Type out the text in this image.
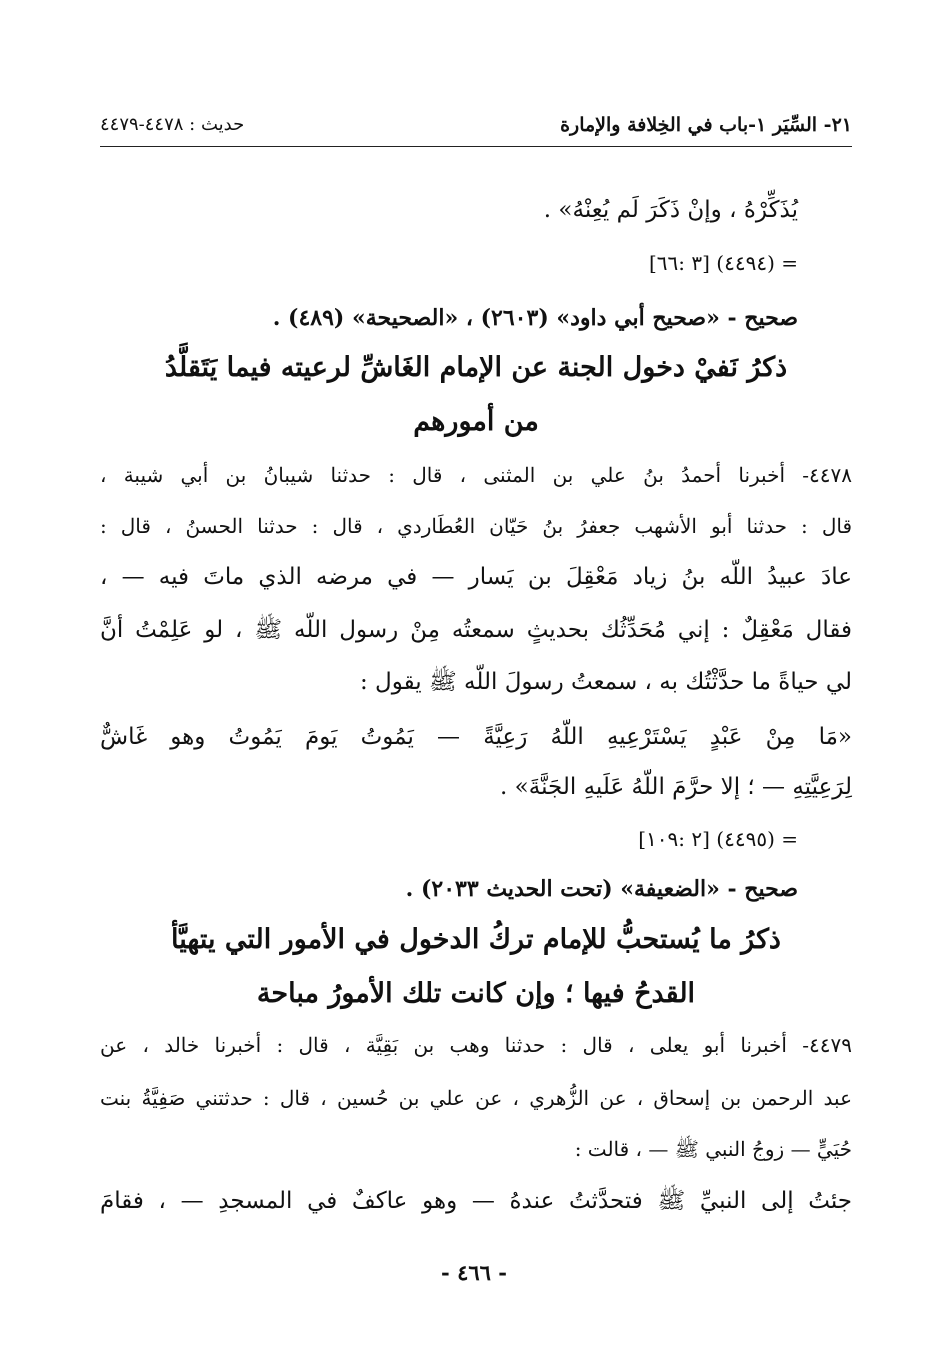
٢١- السِّيَر ١-باب في الخِلافة والإمارة
حديث : ٤٤٧٨-٤٤٧٩
يُذَكِّرْهُ ، وإنْ ذَكَرَ لَم يُعِنْهُ» .
= (٤٤٩٤) [٣ :٦٦]
صحيح - «صحيح أبي داود» (٢٦٠٣) ، «الصحيحة» (٤٨٩) .
ذكرُ نَفيْ دخول الجنة عن الإمام الغَاشِّ لرعيته فيما يَتَقلَّدُ
من أمورهم
٤٤٧٨- أخبرنا أحمدُ بنُ علي بن المثنى ، قال : حدثنا شيبانُ بن أبي شيبة ،
قال : حدثنا أبو الأشهب جعفرُ بنُ حَيّان العُطَاردي ، قال : حدثنا الحسنُ ، قال :
عادَ عبيدُ اللّه بنُ زياد مَعْقِلَ بن يَسار — في مرضه الذي ماتَ فيه — ،
فقال مَعْقِلٌ : إني مُحَدِّثُك بحديثٍ سمعتُه مِنْ رسول اللّه ﷺ ، لو عَلِمْتُ أنَّ
لي حياةً ما حدَّثْتُك به ، سمعتُ رسولَ اللّه ﷺ يقول :
«مَا مِنْ عَبْدٍ يَسْتَرْعِيهِ اللّهُ رَعِيَّةً — يَمُوتُ يَومَ يَمُوتُ وهو غَاشٌّ
لِرَعِيَّتِهِ — ؛ إلا حرَّمَ اللّهُ عَلَيهِ الجَنَّةَ» .
= (٤٤٩٥) [٢ :١٠٩]
صحيح - «الضعيفة» (تحت الحديث ٢٠٣٣) .
ذكرُ ما يُستحبُّ للإمام تركُ الدخول في الأمور التي يتهيَّأ
القدحُ فيها ؛ وإن كانت تلك الأمورُ مباحة
٤٤٧٩- أخبرنا أبو يعلى ، قال : حدثنا وهب بن بَقِيَّة ، قال : أخبرنا خالد ، عن
عبد الرحمن بن إسحاق ، عن الزُّهري ، عن علي بن حُسين ، قال : حدثتني صَفِيَّةُ بنت
حُيَيٍّ — زوجُ النبي ﷺ — ، قالت :
جئتُ إلى النبيِّ ﷺ فتحدَّثتُ عندهُ — وهو عاكفٌ في المسجدِ — ، فقامَ
- ٤٦٦ -
